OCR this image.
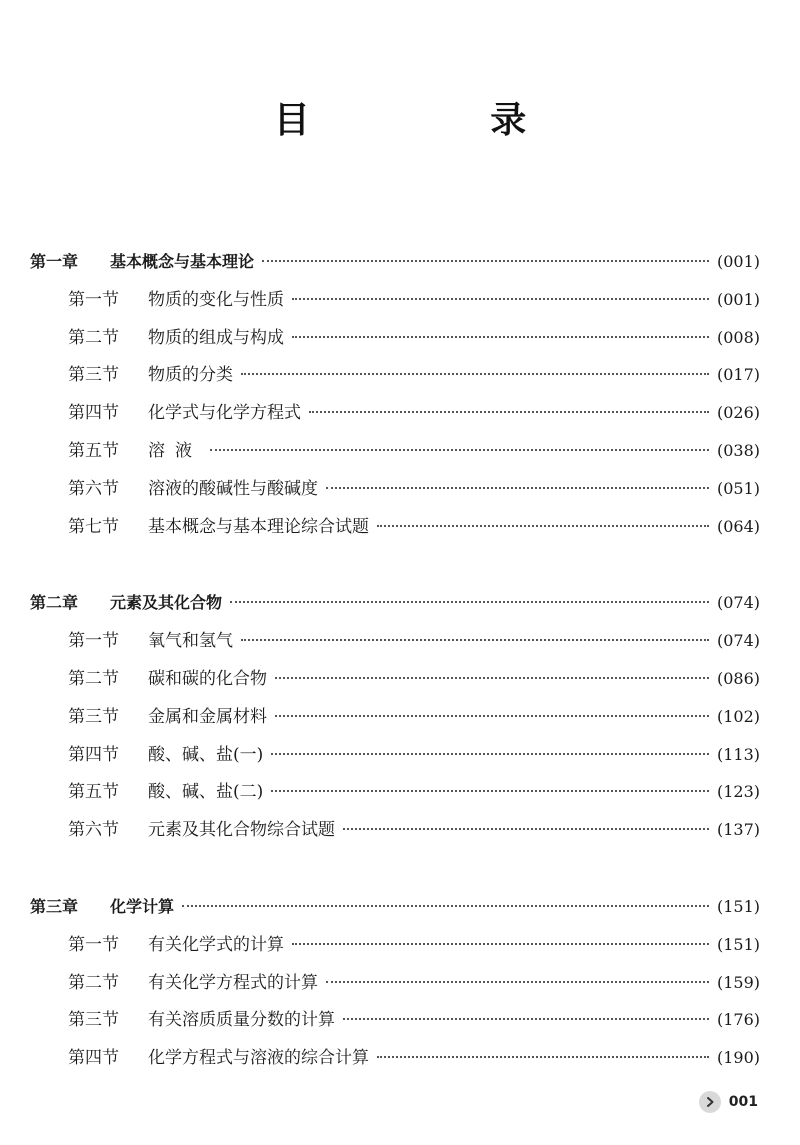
目 录
第一章	基本概念与基本理论	(001)
第一节	物质的变化与性质	(001)
第二节	物质的组成与构成	(008)
第三节	物质的分类	(017)
第四节	化学式与化学方程式	(026)
第五节	溶液	(038)
第六节	溶液的酸碱性与酸碱度	(051)
第七节	基本概念与基本理论综合试题	(064)
第二章	元素及其化合物	(074)
第一节	氧气和氢气	(074)
第二节	碳和碳的化合物	(086)
第三节	金属和金属材料	(102)
第四节	酸、碱、盐(一)	(113)
第五节	酸、碱、盐(二)	(123)
第六节	元素及其化合物综合试题	(137)
第三章	化学计算	(151)
第一节	有关化学式的计算	(151)
第二节	有关化学方程式的计算	(159)
第三节	有关溶质质量分数的计算	(176)
第四节	化学方程式与溶液的综合计算	(190)
001
